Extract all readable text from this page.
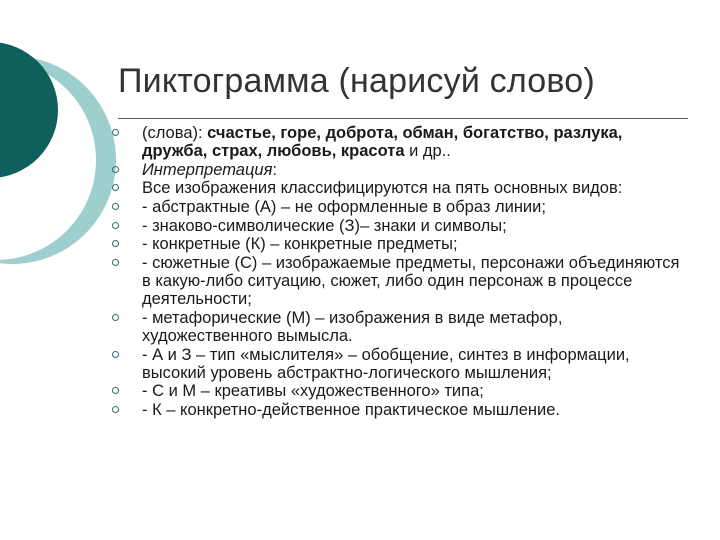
Пиктограмма (нарисуй слово)
(слова): счастье, горе, доброта, обман, богатство, разлука, дружба, страх, любовь, красота и др..
Интерпретация:
Все изображения классифицируются на пять основных видов:
- абстрактные (А) – не оформленные в образ линии;
- знаково-символические (З)– знаки и символы;
- конкретные (К) – конкретные предметы;
- сюжетные (С) – изображаемые предметы, персонажи объединяются в какую-либо ситуацию, сюжет, либо один персонаж в процессе деятельности;
- метафорические (М) – изображения в виде метафор, художественного вымысла.
- А и З – тип «мыслителя» – обобщение, синтез в информации, высокий уровень абстрактно-логического мышления;
- С и М – креативы «художественного» типа;
- К – конкретно-действенное практическое мышление.
